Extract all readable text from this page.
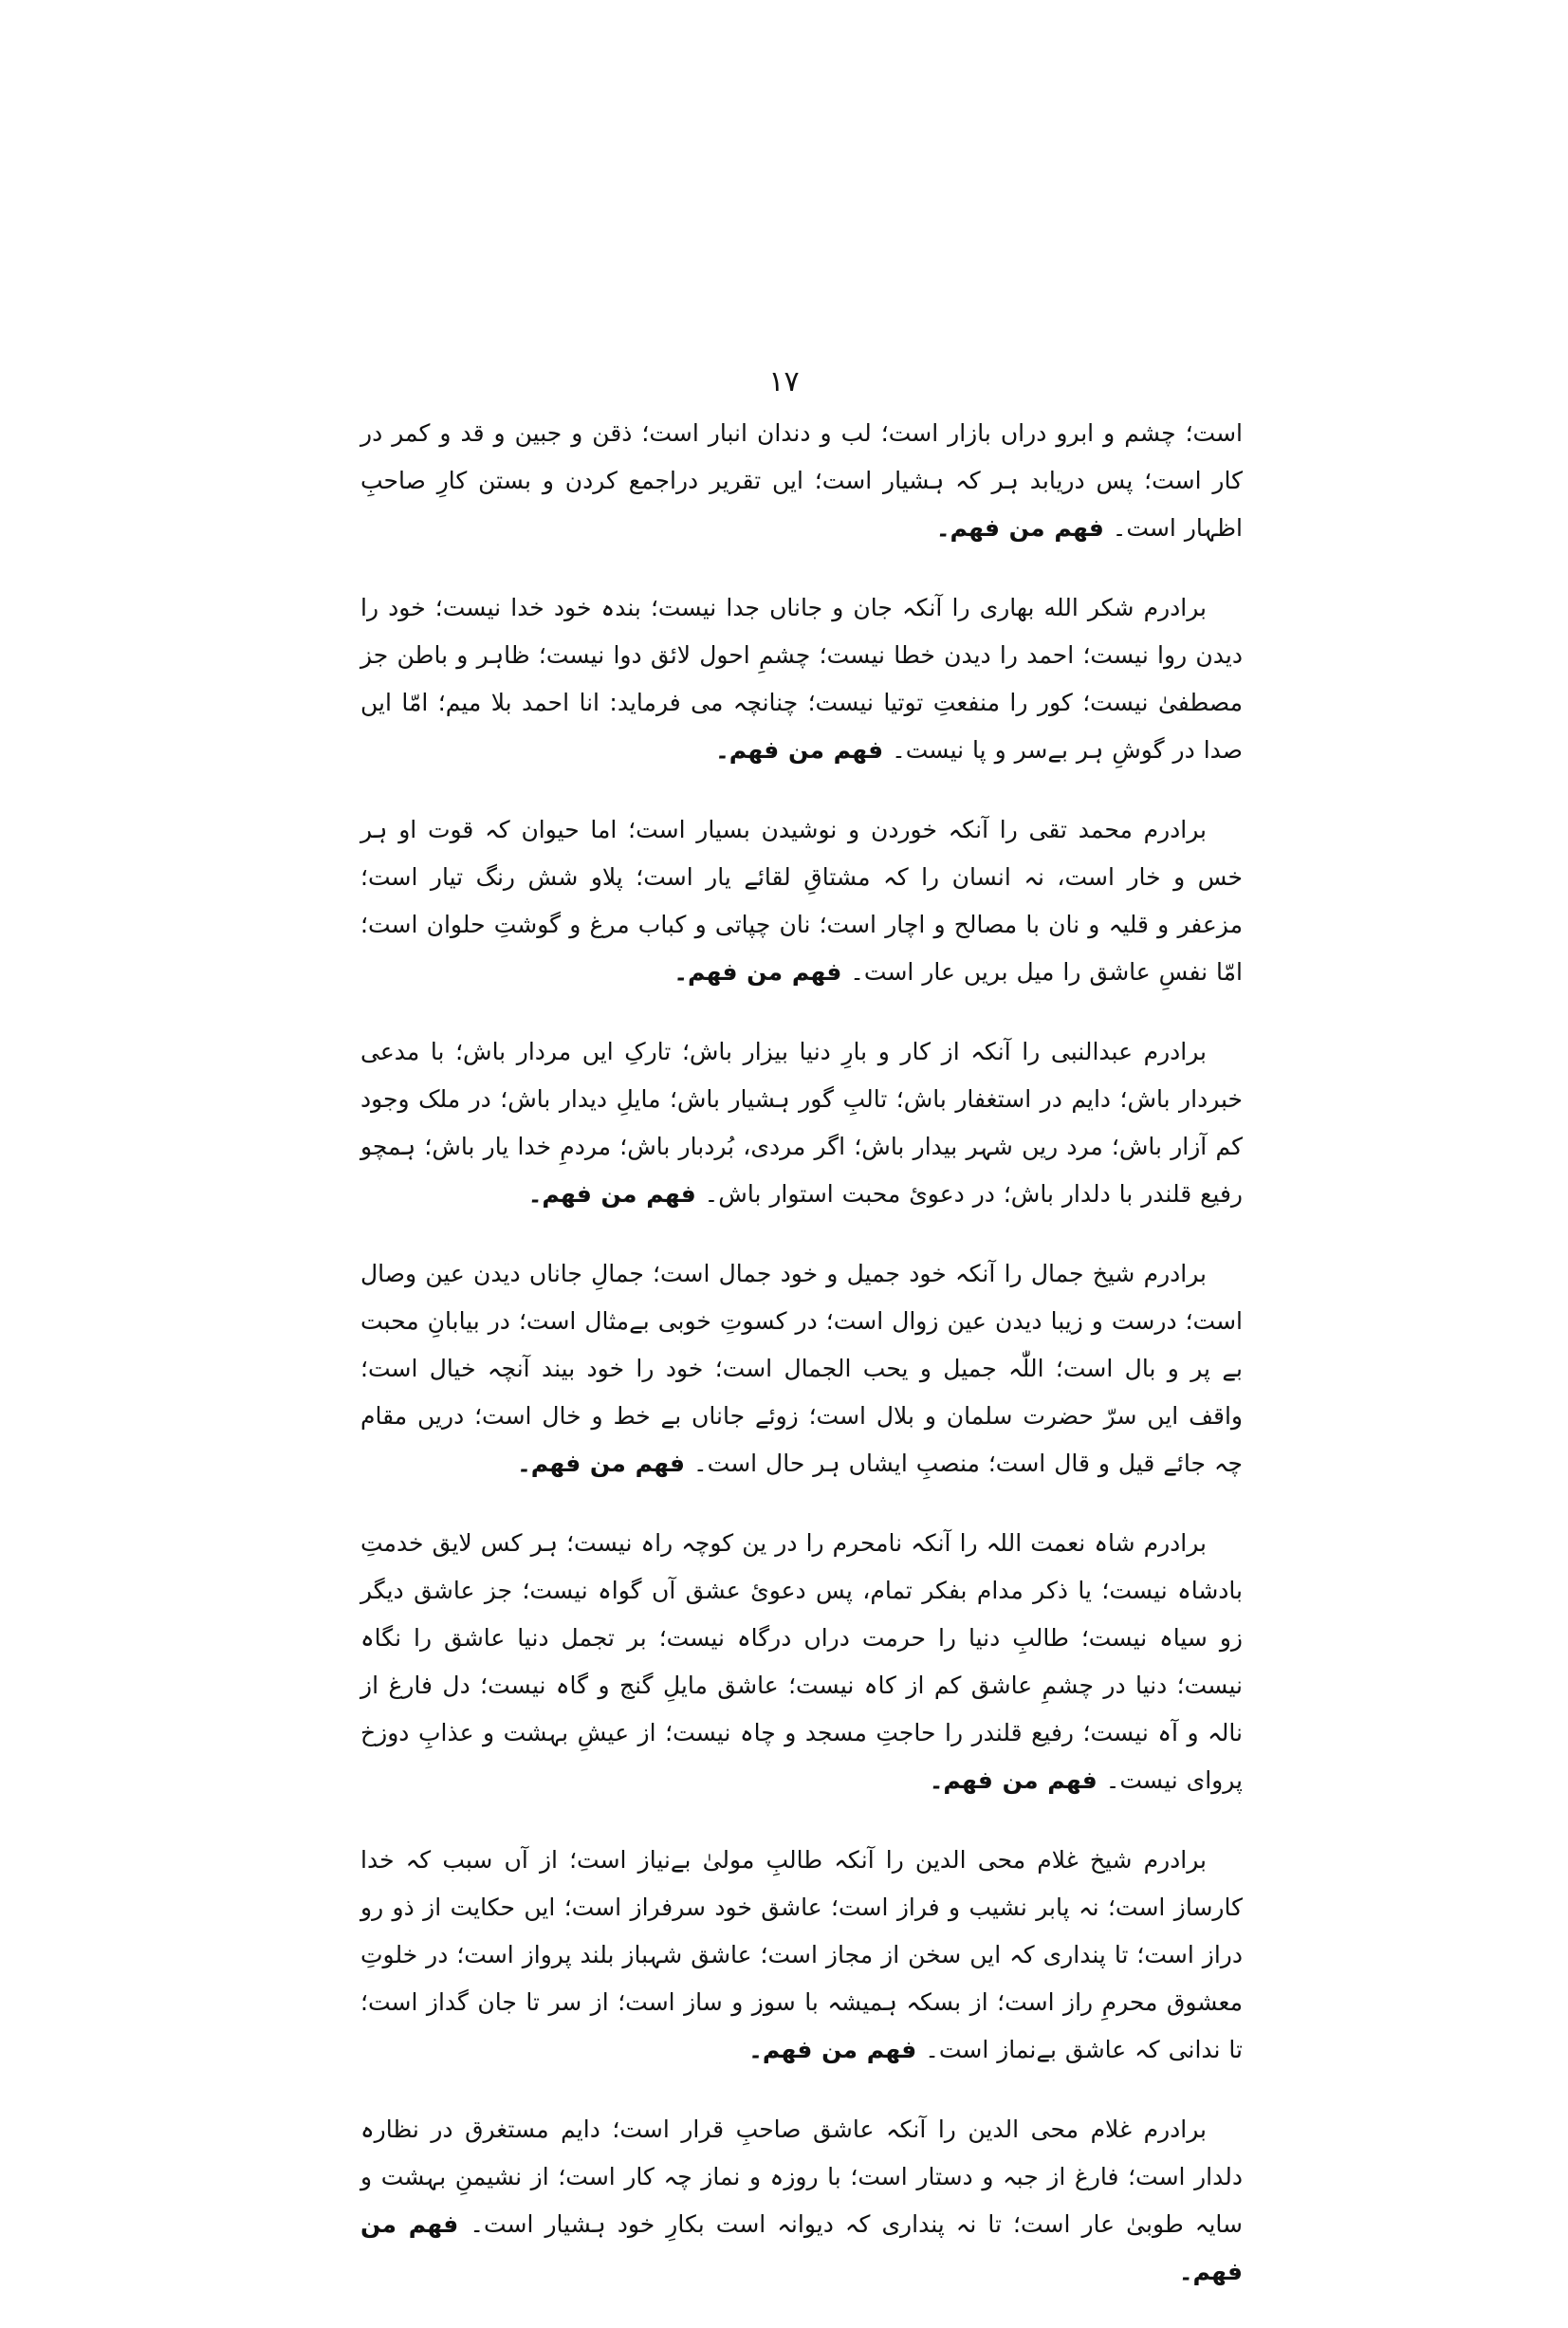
۱۷

است؛ چشم و ابرو دراں بازار است؛ لب و دندان انبار است؛ ذقن و جبین و قد و کمر در کار است؛ پس دریابد ہر کہ ہشیار است؛ ایں تقریر دراجمع کردن و بستن کارِ صاحبِ اظہار است۔ فهم من فهم۔

برادرم شکر الله بهاری را آنکہ جان و جاناں جدا نیست؛ بندہ خود خدا نیست؛ خود را دیدن روا نیست؛ احمد را دیدن خطا نیست؛ چشمِ احول لائق دوا نیست؛ ظاہر و باطن جز مصطفیٰ نیست؛ کور را منفعتِ توتیا نیست؛ چنانچہ می فرماید: انا احمد بلا میم؛ امّا ایں صدا در گوشِ ہر بےسر و پا نیست۔ فهم من فهم۔

برادرم محمد تقی را آنکہ خوردن و نوشیدن بسیار است؛ اما حیوان کہ قوت او ہر خس و خار است، نہ انسان را کہ مشتاقِ لقائے یار است؛ پلاو شش رنگ تیار است؛ مزعفر و قلیہ و نان با مصالح و اچار است؛ نان چپاتی و کباب مرغ و گوشتِ حلوان است؛ امّا نفسِ عاشق را میل بریں عار است۔ فهم من فهم۔

برادرم عبدالنبی را آنکہ از کار و بارِ دنیا بیزار باش؛ تارکِ ایں مردار باش؛ با مدعی خبردار باش؛ دایم در استغفار باش؛ تالبِ گور ہشیار باش؛ مایلِ دیدار باش؛ در ملک وجود کم آزار باش؛ مرد ریں شہر بیدار باش؛ اگر مردی، بُردبار باش؛ مردمِ خدا یار باش؛ ہمچو رفیع قلندر با دلدار باش؛ در دعویٔ محبت استوار باش۔ فهم من فهم۔

برادرم شیخ جمال را آنکہ خود جمیل و خود جمال است؛ جمالِ جاناں دیدن عین وصال است؛ درست و زیبا دیدن عین زوال است؛ در کسوتِ خوبی بےمثال است؛ در بیابانِ محبت بے پر و بال است؛ اللّٰہ جمیل و یحب الجمال است؛ خود را خود بیند آنچہ خیال است؛ واقف ایں سرّ حضرت سلمان و بلال است؛ زوئے جاناں بے خط و خال است؛ دریں مقام چہ جائے قیل و قال است؛ منصبِ ایشاں ہر حال است۔ فهم من فهم۔

برادرم شاہ نعمت اللہ را آنکہ نامحرم را در ین کوچہ راہ نیست؛ ہر کس لایق خدمتِ بادشاہ نیست؛ یا ذکر مدام بفکر تمام، پس دعویٔ عشق آں گواہ نیست؛ جز عاشق دیگر زو سیاہ نیست؛ طالبِ دنیا را حرمت دراں درگاہ نیست؛ بر تجمل دنیا عاشق را نگاہ نیست؛ دنیا در چشمِ عاشق کم از کاہ نیست؛ عاشق مایلِ گنج و گاہ نیست؛ دل فارغ از نالہ و آہ نیست؛ رفیع قلندر را حاجتِ مسجد و چاہ نیست؛ از عیشِ بہشت و عذابِ دوزخ پروای نیست۔ فهم من فهم۔

برادرم شیخ غلام محی الدین را آنکہ طالبِ مولیٰ بےنیاز است؛ از آں سبب کہ خدا کارساز است؛ نہ پابر نشیب و فراز است؛ عاشق خود سرفراز است؛ ایں حکایت از ذو رو دراز است؛ تا پنداری کہ ایں سخن از مجاز است؛ عاشق شہباز بلند پرواز است؛ در خلوتِ معشوق محرمِ راز است؛ از بسکہ ہمیشہ با سوز و ساز است؛ از سر تا جان گداز است؛ تا ندانی کہ عاشق بےنماز است۔ فهم من فهم۔

برادرم غلام محی الدین را آنکہ عاشق صاحبِ قرار است؛ دایم مستغرق در نظارہ دلدار است؛ فارغ از جبہ و دستار است؛ با روزہ و نماز چہ کار است؛ از نشیمنِ بہشت و سایہ طوبیٰ عار است؛ تا نہ پنداری کہ دیوانہ است بکارِ خود ہشیار است۔ فهم من فهم۔
